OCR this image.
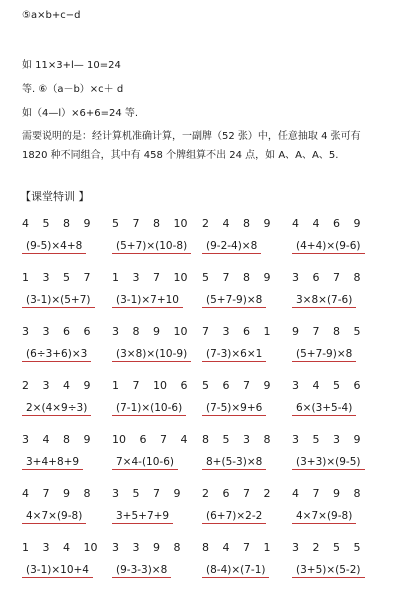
⑤a×b+c−d
如 11×3+l— 10=24
等. ⑥（a－b）×c＋ d
如（4—l）×6+6=24 等.
需要说明的是：经计算机准确计算，一副牌（52 张）中，任意抽取 4 张可有 1820 种不同组合，其中有 458 个牌组算不出 24 点，如 A、A、A、5.
【课堂特训 】
4 5 8 9	5 7 8 10	2 4 8 9	4 4 6 9
(9-5)×4+8	(5+7)×(10-8)	(9-2-4)×8	(4+4)×(9-6)
1 3 5 7	1 3 7 10	5 7 8 9	3 6 7 8
(3-1)×(5+7)	(3-1)×7+10	(5+7-9)×8	3×8×(7-6)
3 3 6 6	3 8 9 10	7 3 6 1	9 7 8 5
(6÷3+6)×3	(3×8)×(10-9)	(7-3)×6×1	(5+7-9)×8
2 3 4 9	1 7 10 6	5 6 7 9	3 4 5 6
2×(4×9÷3)	(7-1)×(10-6)	(7-5)×9+6	6×(3+5-4)
3 4 8 9	10 6 7 4	8 5 3 8	3 5 3 9
3+4+8+9	7×4-(10-6)	8+(5-3)×8	(3+3)×(9-5)
4 7 9 8	3 5 7 9	2 6 7 2	4 7 9 8
4×7×(9-8)	3+5+7+9	(6+7)×2-2	4×7×(9-8)
1 3 4 10	3 3 9 8	8 4 7 1	3 2 5 5
(3-1)×10+4	(9-3-3)×8	(8-4)×(7-1)	(3+5)×(5-2)
